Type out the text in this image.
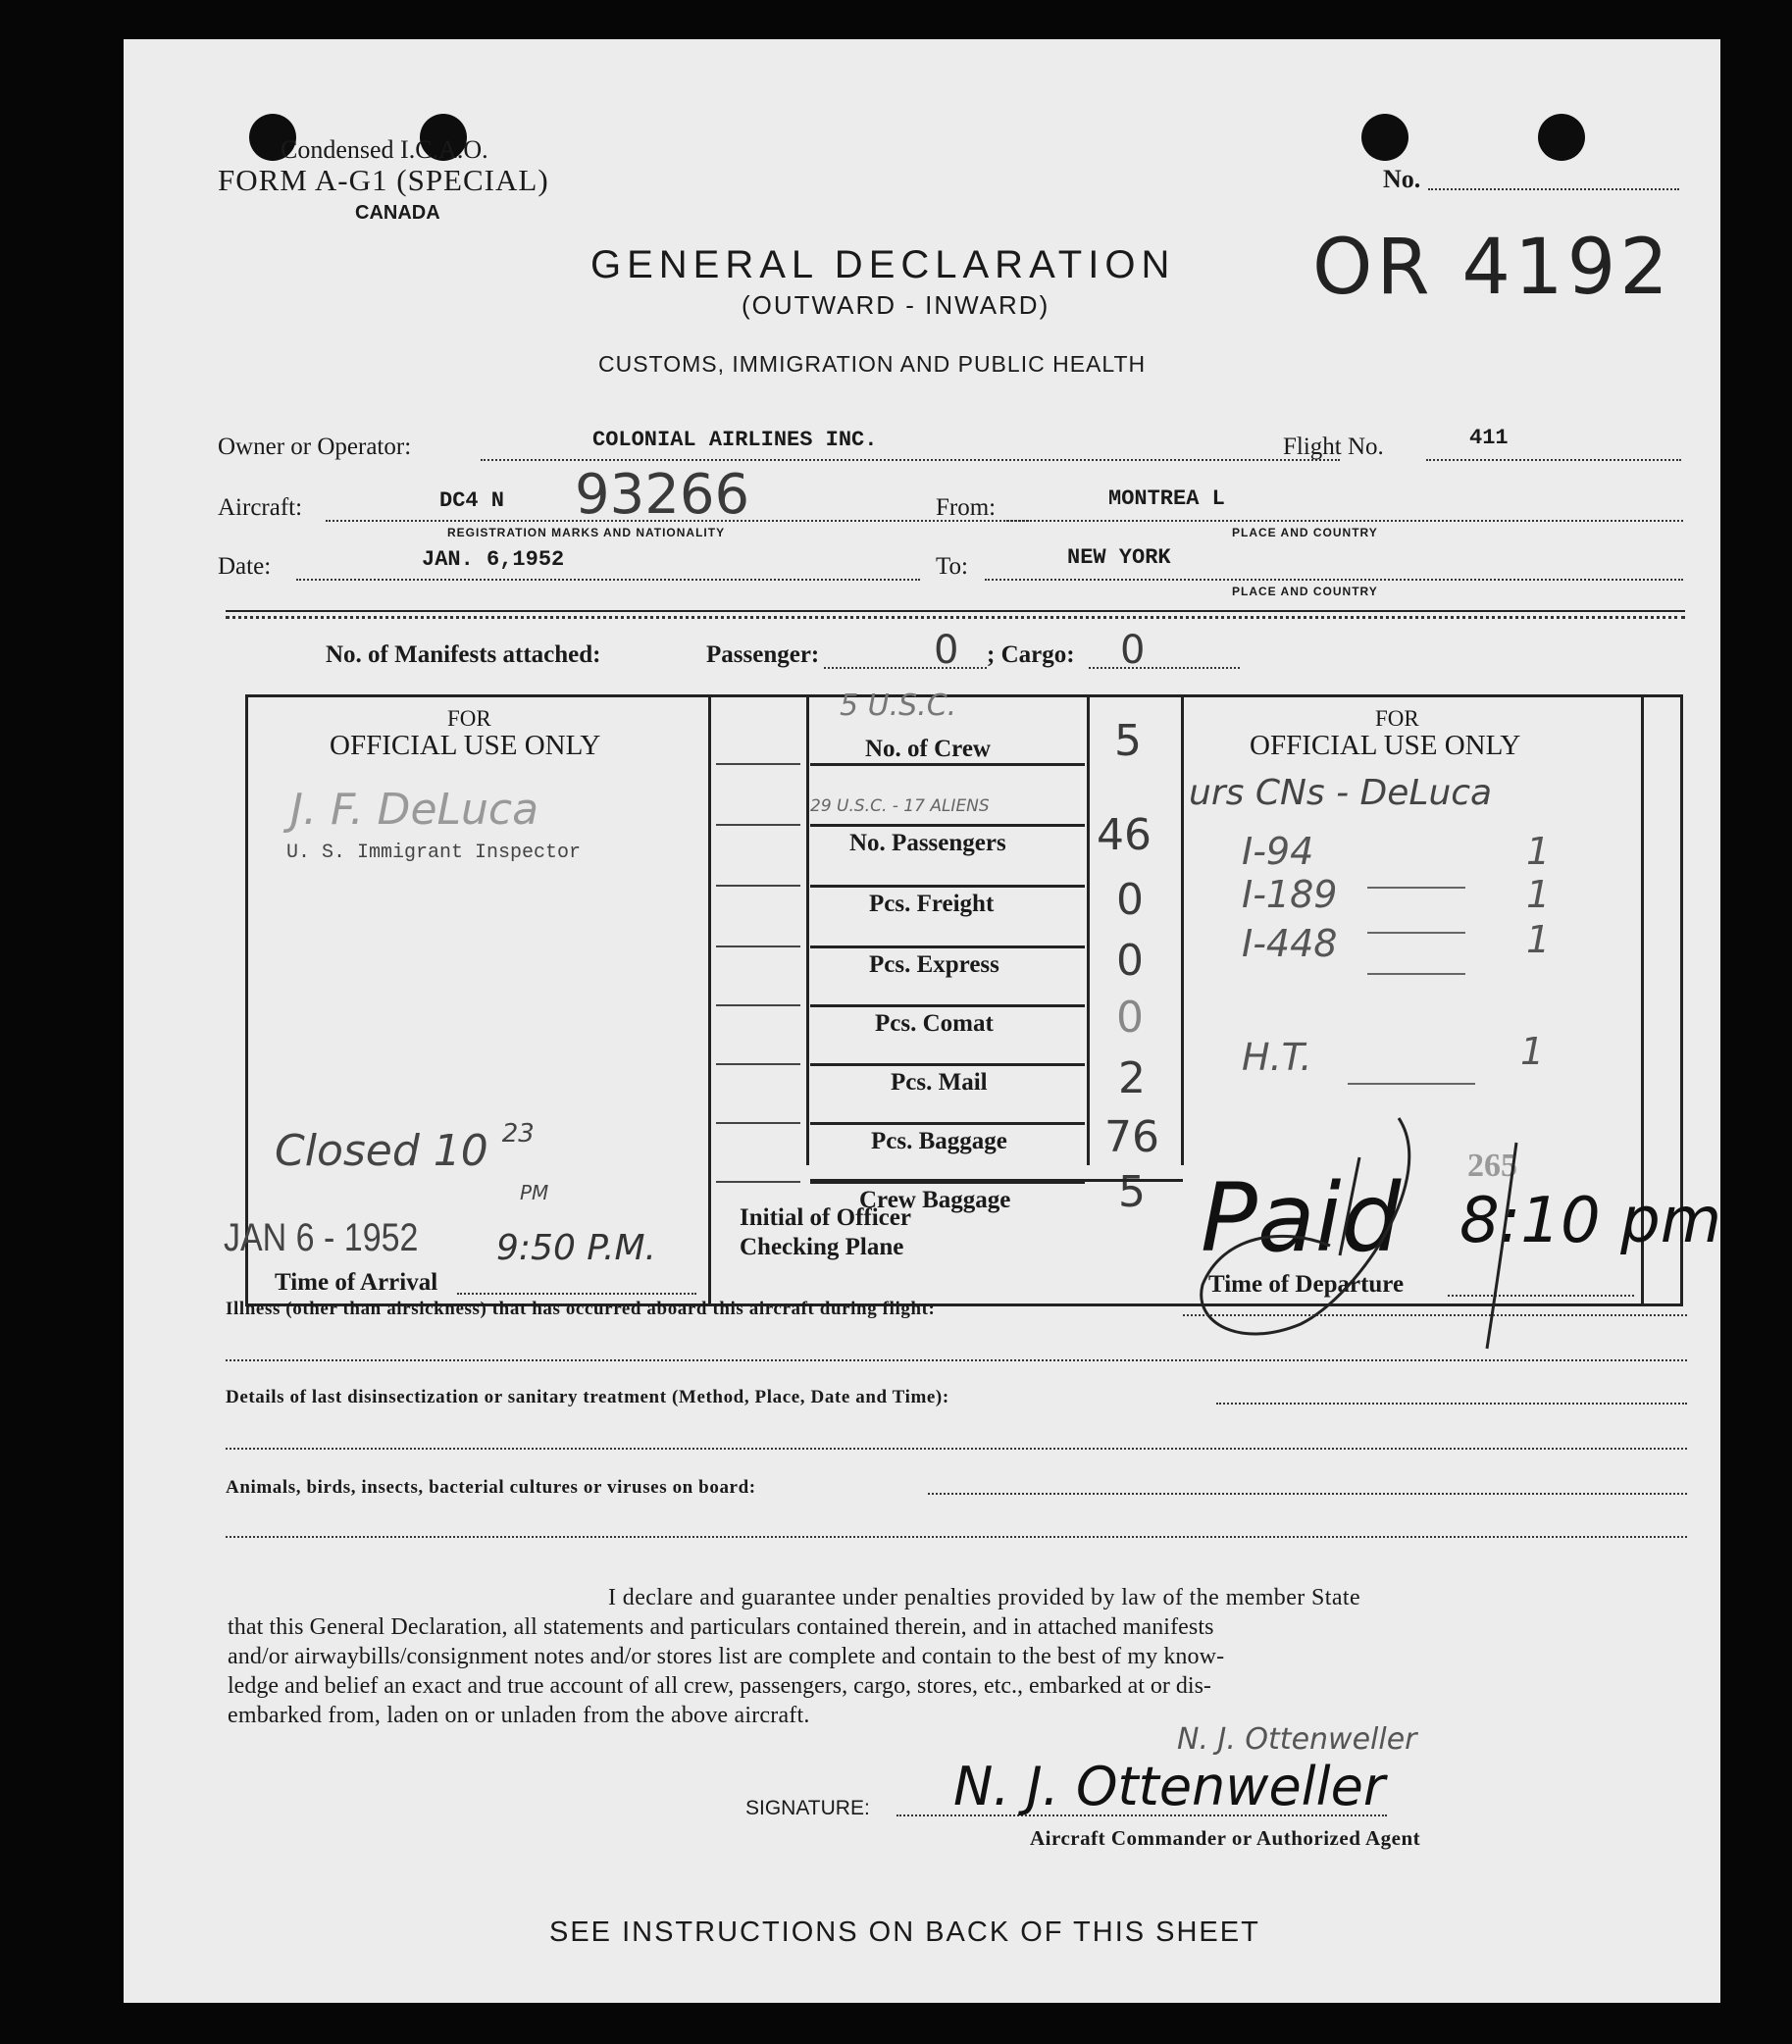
Condensed I.C.A.O.
FORM A-G1 (SPECIAL)
CANADA
No.
GENERAL DECLARATION
(OUTWARD - INWARD)	OR 4192
CUSTOMS, IMMIGRATION AND PUBLIC HEALTH
Owner or Operator:	COLONIAL AIRLINES INC.	Flight No.	411
Aircraft:	DC4 N 93266
REGISTRATION MARKS AND NATIONALITY
From:	MONTREA L
PLACE AND COUNTRY
Date:	JAN. 6,1952	To:	NEW YORK
PLACE AND COUNTRY
No. of Manifests attached:	Passenger:	0 ; Cargo: 0
FOR
OFFICIAL USE ONLY
J. F. DeLuca
U. S. Immigrant Inspector
Closed 10 $^{23}$
PM
JAN 6 - 1952 9:50 P.M.
Time of Arrival
5 U.S.C.
29 U.S.C. - 17 ALIENS
No. of Crew	5
No. Passengers 46
Pcs. Freight	0
Pcs. Express	0
Pcs. Comat	0
Pcs. Mail	2
Pcs. Baggage 76
Crew Baggage 5
Initial of Officer
Checking Plane
FOR
OFFICIAL USE ONLY
urs CNs - DeLuca
I-94	1
I-189	1
I-448	1
H.T.	1
265
Paid 8:10 pm
Time of Departure
Illness (other than airsickness) that has occurred aboard this aircraft during flight:
Details of last disinsectization or sanitary treatment (Method, Place, Date and Time):
Animals, birds, insects, bacterial cultures or viruses on board:
I declare and guarantee under penalties provided by law of the member State
that this General Declaration, all statements and particulars contained therein, and in attached manifests
and/or airwaybills/consignment notes and/or stores list are complete and contain to the best of my know-
ledge and belief an exact and true account of all crew, passengers, cargo, stores, etc., embarked at or dis-
embarked from, laden on or unladen from the above aircraft.
N. J. Ottenweller
SIGNATURE: N. J. Ottenweller
Aircraft Commander or Authorized Agent
SEE INSTRUCTIONS ON BACK OF THIS SHEET
